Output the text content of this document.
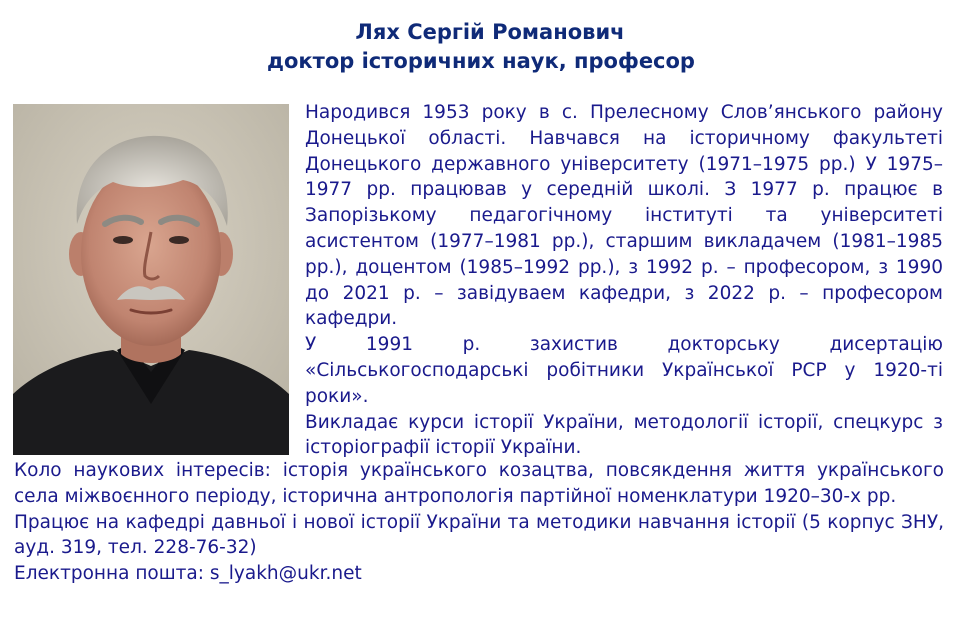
Лях Сергій Романович
доктор історичних наук, професор

Народився 1953 року в с. Прелесному Слов’янського району Донецької області. Навчався на історичному факультеті Донецького державного університету (1971–1975 рр.) У 1975–1977 рр. працював у середній школі. З 1977 р. працює в Запорізькому педагогічному інституті та університеті асистентом (1977–1981 рр.), старшим викладачем (1981–1985 рр.), доцентом (1985–1992 рр.), з 1992 р. – професором, з 1990 до 2021 р. – завідуваем кафедри, з 2022 р. – професором кафедри.

У 1991 р. захистив докторську дисертацію «Сільськогосподарські робітники Української РСР у 1920-ті роки».

Викладає курси історії України, методології історії, спецкурс з історіографії історії України.

Коло наукових інтересів: історія українського козацтва, повсякдення життя українського села міжвоєнного періоду, історична антропологія партійної номенклатури 1920–30-х рр.

Працює на кафедрі давньої і нової історії України та методики навчання історії (5 корпус ЗНУ, ауд. 319, тел. 228-76-32)

Електронна пошта: s_lyakh@ukr.net
